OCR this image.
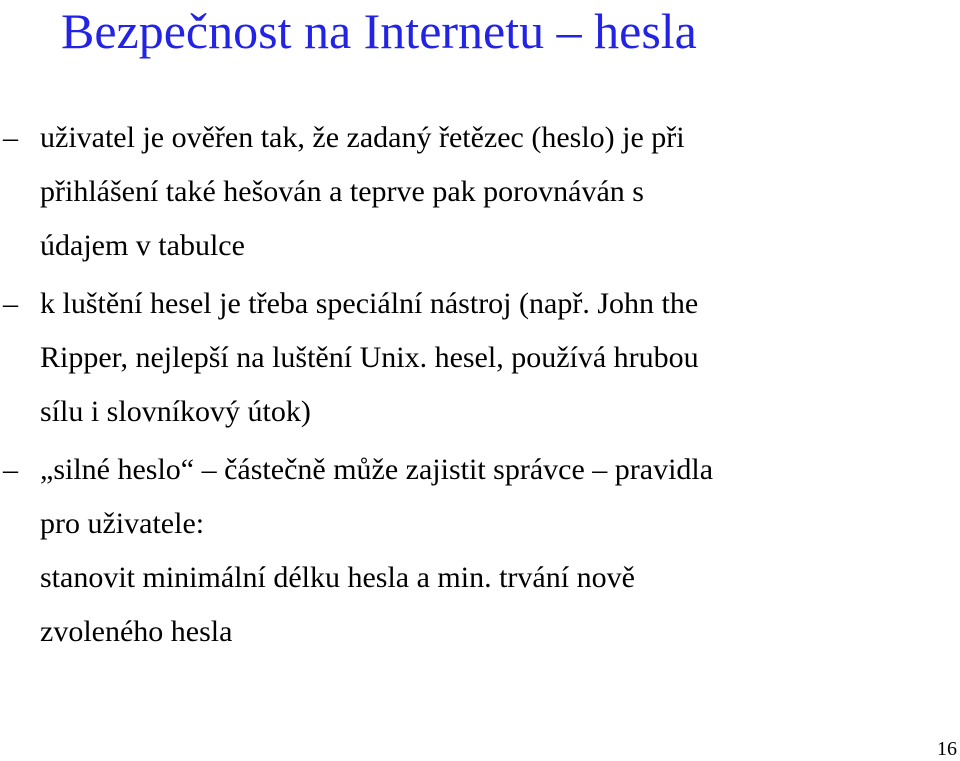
Bezpečnost na Internetu – hesla
– uživatel je ověřen tak, že zadaný řetězec (heslo) je při
přihlášení také hešován a teprve pak porovnáván s
údajem v tabulce
– k luštění hesel je třeba speciální nástroj (např. John the
Ripper, nejlepší na luštění Unix. hesel, používá hrubou
sílu i slovníkový útok)
– „silné heslo“ – částečně může zajistit správce – pravidla
pro uživatele:
stanovit minimální délku hesla a min. trvání nově
zvoleného hesla
16
